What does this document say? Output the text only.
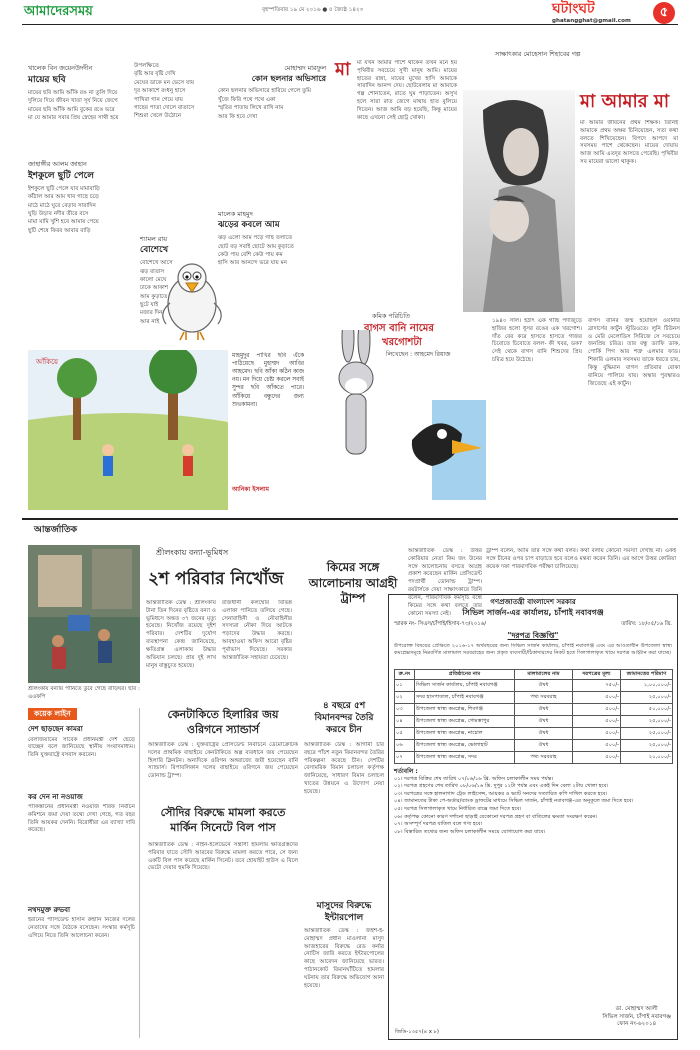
আমাদেরসময়	বৃহস্পতিবার ১৯ মে ২০১৬ ● ৫ জ্যৈষ্ঠ ১৪২৩	ঘটাংঘট
ghatangghat@gmail.com
৫
খালেক বিন জয়েনউদদীন
মায়ের ছবি
মায়ের ছবি আমি আঁকি রঙ না তুলি দিয়ে
দুলিয়ে দিয়ে জীবন খাতা সূর্য নিয়ে জেগে
মায়ের ছবি আঁকি আমি বুকের রঙে ভরে
মা যে আমার সবার প্রিয় স্নেহের সাথী হয়ে
জাহাঙ্গীর আলম জাহান
ইশকুলে ছুটি পেলে
ইশকুলে ছুটি পেলে যাব মামাবাড়ি
কাঁঠাল আর আম খাব গাছে চড়ে
মাঠে মাঠে ঘুরে বেড়াব সারাদিন
ঘুড়ি উড়াব নদীর তীরে বসে
মামা মামি খুশি হবে আমায় পেয়ে
ছুটি শেষে ফিরব আবার বাড়ি
উপলক্ষিতে
বৃষ্টি আর বৃষ্টি দেখি
মেঘের ডাকে মন ভেসে যায়
দূর আকাশে রংধনু হাসে
পাখিরা গান গেয়ে যায়
গাছের পাতা দোলে বাতাসে
শিশুরা খেলে উঠোনে
শ্যামল রায়
বোশেখে
বোশেখে আসে
ঝড় বাতাস
কালো মেঘে
ঢাকে আকাশ
আম কুড়াতে
ছুটে যাই
মজার দিন
আর নাই
মোহাম্মদ মারফুল
কোন ছলনার অভিসারে
কোন ছলনার অভিসারে হারিয়ে গেলে তুমি
খুঁজে ফিরি পথে পথে একা
স্মৃতির পাতায় লিখে রাখি নাম
আর কি হবে দেখা
মালেক মাহমুদ
ঝড়ের কবলে আম
ঝড় এলো আম পড়ে গাছ তলাতে
ছোট বড় সবাই ছোটে আম কুড়াতে
কেউ পায় বেশি কেউ পায় কম
হাসি আর আনন্দে ভরে যায় মন
সাক্ষাৎকার মোহেসান শিহাবের গল্প
মা মা যখন আমার পাশে থাকেন তখন মনে হয় পৃথিবীর সবচেয়ে সুখী মানুষ আমি। মায়ের হাতের রান্না, মায়ের মুখের হাসি আমাকে সারাদিন আনন্দ দেয়। ছোটবেলায় মা আমাকে গল্প শোনাতেন, রাতে ঘুম পাড়াতেন। অসুখ হলে সারা রাত জেগে মাথায় হাত বুলিয়ে দিতেন। আজ আমি বড় হয়েছি, কিন্তু মায়ের কাছে এখনো সেই ছোট্ট খোকা।
মা আমার মা
মা আমার জীবনের প্রথম শিক্ষক। তিনিই আমাকে প্রথম অক্ষর চিনিয়েছেন, সত্য কথা বলতে শিখিয়েছেন। বিপদে আপদে মা সবসময় পাশে থেকেছেন। মায়ের দোয়ায় আজ আমি এতদূর আসতে পেরেছি। পৃথিবীর সব মায়েরা ভালো থাকুক।
আঁকিয়ে
মাহমুদুর পাখির ছবি এঁকে পাঠিয়েছে মুহাম্মদ আবির আহমেদ। ছবি আঁকা কঠিন কাজ নয়। মন দিয়ে চেষ্টা করলে সবাই সুন্দর ছবি আঁকতে পারে। আঁকিয়ে বন্ধুদের জন্য শুভকামনা।
আনিকা ইসলাম
কমিক পরিচিতি
বাগস বানি নামের
খরগোশটা
লিখেছেন : আহমেদ রিয়াজ
১৯৪০ সাল। হঠাৎ এক গাছি পর্দাজুড়ে হাজির হলো ধূসর রঙের এক খরগোশ। দাঁত বের করে হাসতে হাসতে গাজর চিবোতে চিবোতে বলল- কী খবর, ডক? সেই থেকে বাগস বানি শিশুদের প্রিয় চরিত্র হয়ে উঠেছে।
বাগস বানির জন্ম হয়েছিল ওয়ার্নার ব্রাদার্সের কার্টুন স্টুডিওতে। লুনি টিউনস ও মেরি মেলোডিস সিরিজে সে সবচেয়ে জনপ্রিয় চরিত্র। তার বন্ধু ড্যাফি ডাক, পোর্কি পিগ আর শত্রু এলমার ফাড। শিকারি এলমার সবসময় তাকে ধরতে চায়, কিন্তু বুদ্ধিমান বাগস প্রতিবার বোকা বানিয়ে পালিয়ে যায়। অস্কার পুরস্কারও জিতেছে এই কার্টুন।
আন্তর্জাতিক
শ্রীলংকায় বন্যা-ভূমিধস
২শ পরিবার নিখোঁজ
শ্রীলংকায় বন্যায় পানিতে ডুবে গেছে বাড়িঘর। ছবি : এএফপি
আন্তর্জাতিক ডেস্ক : শ্রীলংকায় টানা তিন দিনের বৃষ্টিতে বন্যা ও ভূমিধসে অন্তত ৩৭ জনের মৃত্যু হয়েছে। নিখোঁজ রয়েছে দুইশ পরিবার। দেশটির দুর্যোগ ব্যবস্থাপনা কেন্দ্র জানিয়েছে, ক্ষতিগ্রস্ত এলাকায় উদ্ধার অভিযান চলছে। প্রায় দুই লাখ মানুষ বাস্তুচ্যুত হয়েছে।
রাজধানী কলম্বোর বিভিন্ন এলাকা পানিতে তলিয়ে গেছে। সেনাবাহিনী ও নৌবাহিনীর সদস্যরা নৌকা দিয়ে আটকে পড়াদের উদ্ধার করছে। আবহাওয়া অফিস আরো বৃষ্টির পূর্বাভাস দিয়েছে। সরকার আন্তর্জাতিক সহায়তা চেয়েছে।
কিমের সঙ্গে আলোচনায় আগ্রহী ট্রাম্প
আন্তর্জাতিক ডেস্ক : উত্তর কোরিয়ার নেতা কিম জং উনের সঙ্গে আলোচনায় বসতে আগ্রহ প্রকাশ করেছেন মার্কিন প্রেসিডেন্ট পদপ্রার্থী ডোনাল্ড ট্রাম্প। রয়টার্সকে দেয়া সাক্ষাৎকারে তিনি বলেন, পারমাণবিক কর্মসূচি বন্ধে কিমের সঙ্গে কথা বলতে তার কোনো সমস্যা নেই।
ট্রাম্প বলেন, আমি তার সঙ্গে কথা বলব। কথা বলায় কোনো সমস্যা দেখছি না। একই সঙ্গে চীনের ওপর চাপ বাড়াতে হবে বলেও মন্তব্য করেন তিনি। এর আগে উত্তর কোরিয়া কয়েক দফা পারমাণবিক পরীক্ষা চালিয়েছে।
কয়েক লাইন
দেশ ছাড়ছেন কামরা
বেলজিয়ামের সাবেক প্রধানমন্ত্রী দেশ ছেড়ে যাচ্ছেন বলে জানিয়েছে স্থানীয় সংবাদমাধ্যম। তিনি যুক্তরাষ্ট্রে বসবাস করবেন।
কর দেন না নওয়াজ
পাকিস্তানের প্রধানমন্ত্রী নওয়াজ শরিফ নির্বাচন কমিশনে জমা দেয়া তথ্যে দেখা গেছে, গত বছর তিনি আয়কর দেননি। বিরোধীরা এর ব্যাখ্যা দাবি করেছে।
নথদমুক্ত রুভবা
ইরানের পাসিডেন্ট হাসান রুহানি নিজের দলের নেতাদের সঙ্গে বৈঠকে বসেছেন। সংস্কার কর্মসূচি এগিয়ে নিতে তিনি আলোচনা করেন।
কেনটাকিতে হিলারির জয়
ওরিগনে স্যান্ডার্স
আন্তর্জাতিক ডেস্ক : যুক্তরাষ্ট্রের প্রেসিডেন্ট নির্বাচনে ডেমোক্রেটিক দলের প্রাথমিক বাছাইয়ে কেনটাকিতে অল্প ব্যবধানে জয় পেয়েছেন হিলারি ক্লিনটন। অন্যদিকে ওরিগন অঙ্গরাজ্যে জয়ী হয়েছেন বার্নি স্যান্ডার্স। রিপাবলিকান দলের বাছাইয়ে ওরিগনে জয় পেয়েছেন ডোনাল্ড ট্রাম্প।
সৌদির বিরুদ্ধে মামলা করতে
মার্কিন সিনেটে বিল পাস
আন্তর্জাতিক ডেস্ক : নাইন-ইলেভেনে সন্ত্রাসী হামলায় ক্ষতিগ্রস্তদের পরিবার যাতে সৌদি আরবের বিরুদ্ধে মামলা করতে পারে, সে জন্য একটি বিল পাস করেছে মার্কিন সিনেট। তবে হোয়াইট হাউস এ বিলে ভেটো দেয়ার হুমকি দিয়েছে।
৪ বছরে ৫শ
বিমানবন্দর তৈরি
করবে চীন
আন্তর্জাতিক ডেস্ক : আগামী চার বছরে পাঁচশ নতুন বিমানবন্দর তৈরির পরিকল্পনা করেছে চীন। দেশটির বেসামরিক বিমান চলাচল কর্তৃপক্ষ জানিয়েছে, সাধারণ বিমান চলাচল খাতের উন্নয়নে এ উদ্যোগ নেয়া হয়েছে।
মাসুদের বিরুদ্ধে
ইন্টারপোল
আন্তর্জাতিক ডেস্ক : জইশ-ই-মোহাম্মদ প্রধান মাওলানা মাসুদ আজহারের বিরুদ্ধে রেড কর্নার নোটিস জারি করতে ইন্টারপোলের কাছে আবেদন জানিয়েছে ভারত। পাঠানকোট বিমানঘাঁটিতে হামলার ঘটনায় তার বিরুদ্ধে অভিযোগ আনা হয়েছে।
গণপ্রজাতন্ত্রী বাংলাদেশ সরকার
সিভিল সার্জন-এর কার্যালয়, চাঁপাই নবাবগঞ্জ
স্মারক নং- সিএস/চাঁপাই/হিসাব-৭৩/২০১৬/	তারিখ: ১৮/০৫/১৬ খ্রি.
"দরপত্র বিজ্ঞপ্তি"
উপরোক্ত বিষয়ের প্রেক্ষিতে ২০১৬-১৭ অর্থবছরের জন্য সিভিল সার্জন কার্যালয়, চাঁপাই নবাবগঞ্জ এবং এর আওতাধীন উপজেলা স্বাস্থ্য কমপ্লেক্সসমূহে নিম্নবর্ণিত মালামাল সরবরাহের জন্য প্রকৃত ব্যবসায়ী/ঠিকাদারদের নিকট হতে সিলগালাকৃত খামে দরপত্র আহ্বান করা যাচ্ছে।
ক্র.নং	প্রতিষ্ঠানের নাম	মালামালের নাম	দরপত্রের মূল্য	জামানতের পরিমাণ
০১	সিভিল সার্জন কার্যালয়, চাঁপাই নবাবগঞ্জ	ঔষধ	৭৫০/-	১,০০,০০০/-
০২	সদর হাসপাতাল, চাঁপাই নবাবগঞ্জ	পথ্য সরবরাহ	৫০০/-	২৫,০০০/-
০৩	উপজেলা স্বাস্থ্য কমপ্লেক্স, শিবগঞ্জ	ঔষধ	৫০০/-	৫০,০০০/-
০৪	উপজেলা স্বাস্থ্য কমপ্লেক্স, গোমস্তাপুর	ঔষধ	৫০০/-	২৫,০০০/-
০৫	উপজেলা স্বাস্থ্য কমপ্লেক্স, নাচোল	ঔষধ	৫০০/-	২৫,০০০/-
০৬	উপজেলা স্বাস্থ্য কমপ্লেক্স, ভোলাহাট	ঔষধ	৫০০/-	২৫,০০০/-
০৭	উপজেলা স্বাস্থ্য কমপ্লেক্স, সদর	পথ্য সরবরাহ	৫০০/-	২০,০০০/-
শর্তাবলি :
০১। দরপত্র বিক্রির শেষ তারিখ ০৭/০৬/১৬ খ্রি. অফিস চলাকালীন সময় পর্যন্ত।
০২। দরপত্র গ্রহণের শেষ তারিখ ০৮/০৬/১৬ খ্রি. দুপুর ১২টা পর্যন্ত এবং একই দিন বেলা ২টায় খোলা হবে।
০৩। দরপত্রের সঙ্গে হালনাগাদ ট্রেড লাইসেন্স, আয়কর ও ভ্যাট সনদের সত্যায়িত কপি দাখিল করতে হবে।
০৪। জামানতের টাকা পে-অর্ডার/ব্যাংক ড্রাফটের মাধ্যমে সিভিল সার্জন, চাঁপাই নবাবগঞ্জ-এর অনুকূলে জমা দিতে হবে।
০৫। দরপত্র সিলগালাকৃত খামে নির্ধারিত বাক্সে জমা দিতে হবে।
০৬। কর্তৃপক্ষ কোনো কারণ দর্শানো ছাড়াই যেকোনো দরপত্র গ্রহণ বা বাতিলের ক্ষমতা সংরক্ষণ করেন।
০৭। অসম্পূর্ণ দরপত্র বাতিল বলে গণ্য হবে।
০৮। বিস্তারিত তথ্যের জন্য অফিস চলাকালীন সময়ে যোগাযোগ করা যাবে।
ডা. মোহাম্মদ আলী
সিভিল সার্জন, চাঁপাই নবাবগঞ্জ
ফোন নং-৬২০১৪
জিডি-১৩৫৭(৪ x ৮)
